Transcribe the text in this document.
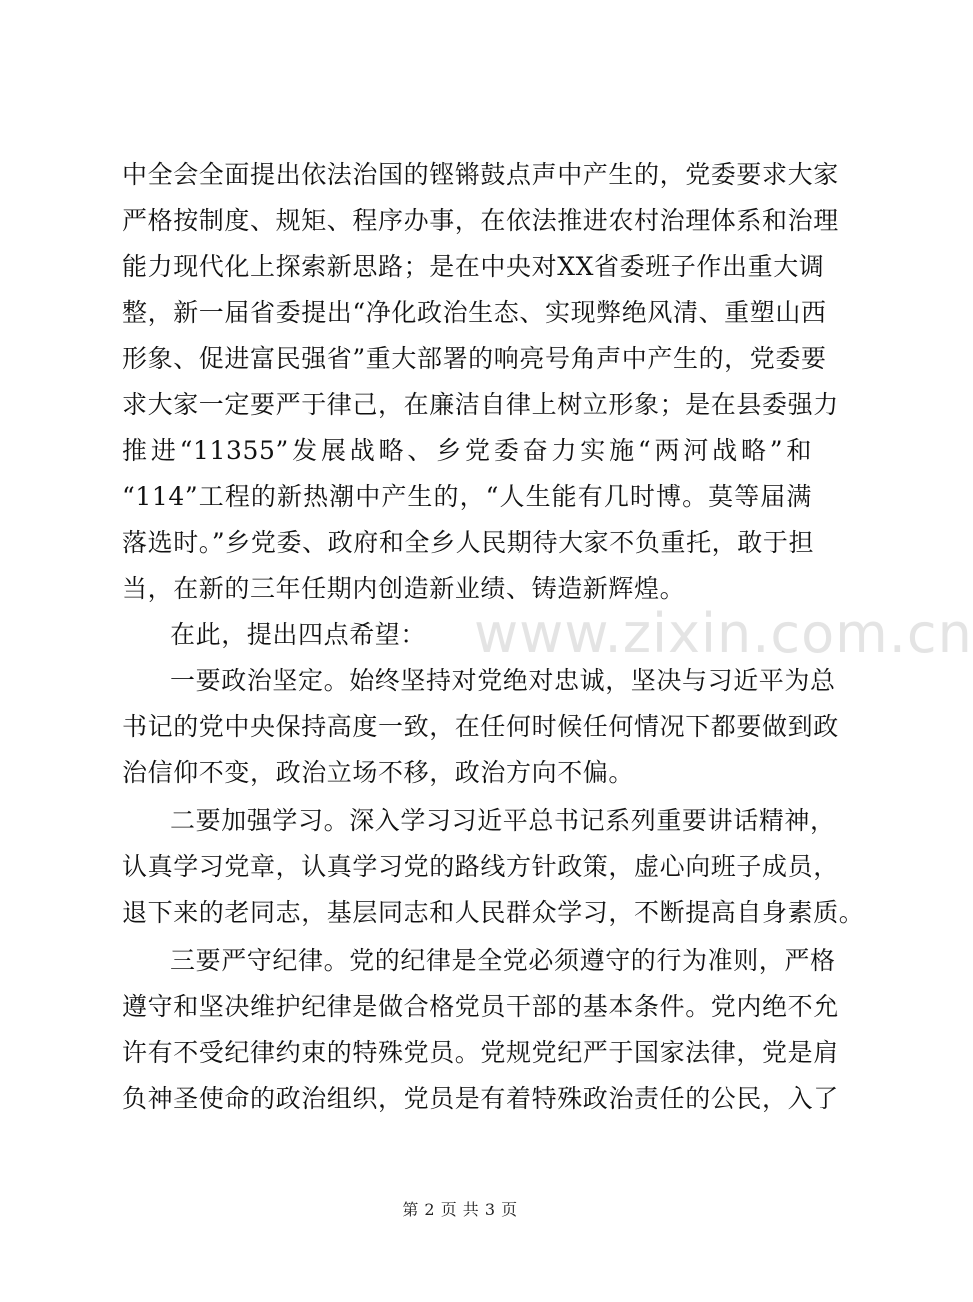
中全会全面提出依法治国的铿锵鼓点声中产生的，党委要求大家
严格按制度、规矩、程序办事，在依法推进农村治理体系和治理
能力现代化上探索新思路；是在中央对XX省委班子作出重大调
整，新一届省委提出“净化政治生态、实现弊绝风清、重塑山西
形象、促进富民强省”重大部署的响亮号角声中产生的，党委要
求大家一定要严于律己，在廉洁自律上树立形象；是在县委强力
推进“11355”发展战略、乡党委奋力实施“两河战略”和
“114”工程的新热潮中产生的，“人生能有几时博。莫等届满
落选时。”乡党委、政府和全乡人民期待大家不负重托，敢于担
当，在新的三年任期内创造新业绩、铸造新辉煌。
在此，提出四点希望：
一要政治坚定。始终坚持对党绝对忠诚，坚决与习近平为总
书记的党中央保持高度一致，在任何时候任何情况下都要做到政
治信仰不变，政治立场不移，政治方向不偏。
二要加强学习。深入学习习近平总书记系列重要讲话精神，
认真学习党章，认真学习党的路线方针政策，虚心向班子成员，
退下来的老同志，基层同志和人民群众学习，不断提高自身素质。
三要严守纪律。党的纪律是全党必须遵守的行为准则，严格
遵守和坚决维护纪律是做合格党员干部的基本条件。党内绝不允
许有不受纪律约束的特殊党员。党规党纪严于国家法律，党是肩
负神圣使命的政治组织，党员是有着特殊政治责任的公民，入了
www.zixin.com.cn
第 2 页 共 3 页
